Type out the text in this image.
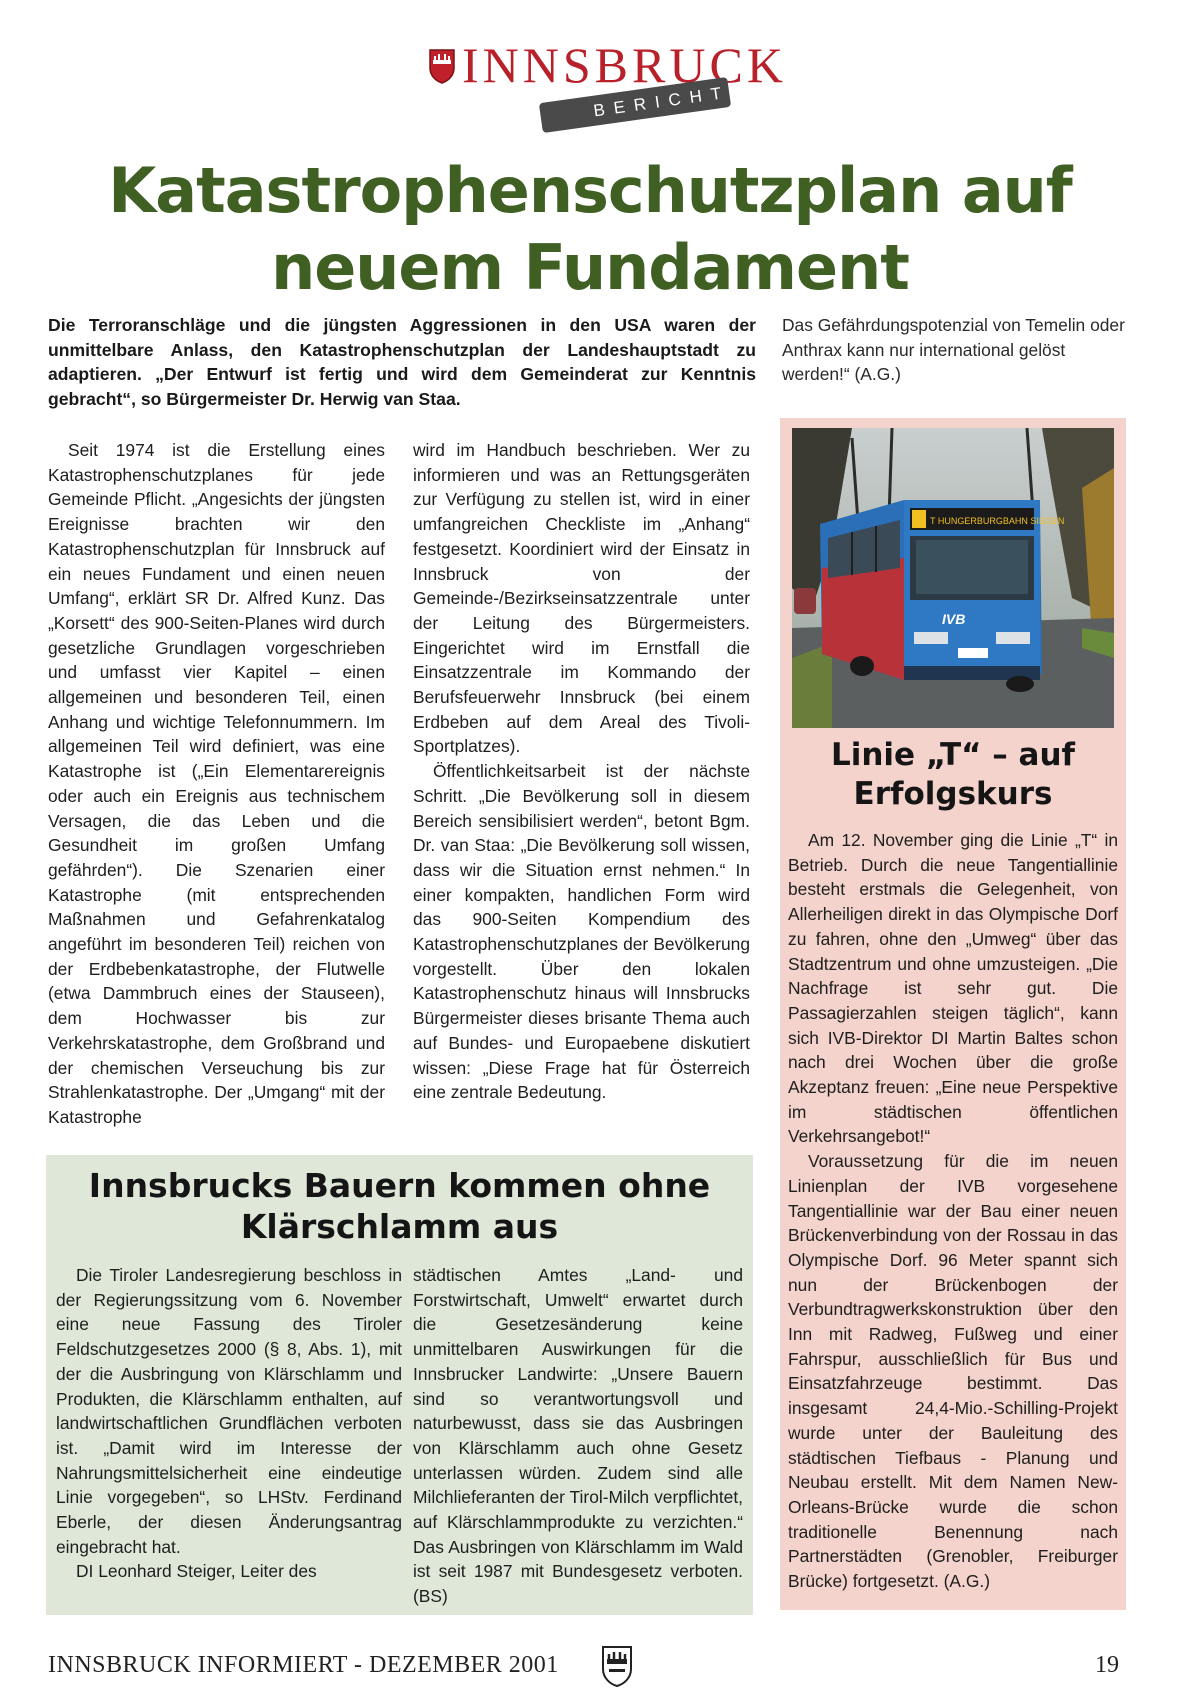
INNSBRUCK
BERICHT
Katastrophenschutzplan auf neuem Fundament
Die Terroranschläge und die jüngsten Aggressionen in den USA waren der unmittelbare Anlass, den Katastrophenschutzplan der Landeshauptstadt zu adaptieren. „Der Entwurf ist fertig und wird dem Gemeinderat zur Kenntnis gebracht“, so Bürgermeister Dr. Herwig van Staa.
Das Gefährdungspotenzial von Temelin oder Anthrax kann nur international gelöst werden!“ (A.G.)

Seit 1974 ist die Erstellung eines Katastrophenschutzplanes für jede Gemeinde Pflicht. „Angesichts der jüngsten Ereignisse brachten wir den Katastrophenschutzplan für Innsbruck auf ein neues Fundament und einen neuen Umfang“, erklärt SR Dr. Alfred Kunz. Das „Korsett“ des 900-Seiten-Planes wird durch gesetzliche Grundlagen vorgeschrieben und umfasst vier Kapitel – einen allgemeinen und besonderen Teil, einen Anhang und wichtige Telefonnummern. Im allgemeinen Teil wird definiert, was eine Katastrophe ist („Ein Elementarereignis oder auch ein Ereignis aus technischem Versagen, die das Leben und die Gesundheit im großen Umfang gefährden“). Die Szenarien einer Katastrophe (mit entsprechenden Maßnahmen und Gefahrenkatalog angeführt im besonderen Teil) reichen von der Erdbebenkatastrophe, der Flutwelle (etwa Dammbruch eines der Stauseen), dem Hochwasser bis zur Verkehrskatastrophe, dem Großbrand und der chemischen Verseuchung bis zur Strahlenkatastrophe. Der „Umgang“ mit der Katastrophe

wird im Handbuch beschrieben. Wer zu informieren und was an Rettungsgeräten zur Verfügung zu stellen ist, wird in einer umfangreichen Checkliste im „Anhang“ festgesetzt. Koordiniert wird der Einsatz in Innsbruck von der Gemeinde-/Bezirkseinsatzzentrale unter der Leitung des Bürgermeisters. Eingerichtet wird im Ernstfall die Einsatzzentrale im Kommando der Berufsfeuerwehr Innsbruck (bei einem Erdbeben auf dem Areal des Tivoli-Sportplatzes).

Öffentlichkeitsarbeit ist der nächste Schritt. „Die Bevölkerung soll in diesem Bereich sensibilisiert werden“, betont Bgm. Dr. van Staa: „Die Bevölkerung soll wissen, dass wir die Situation ernst nehmen.“ In einer kompakten, handlichen Form wird das 900-Seiten Kompendium des Katastrophenschutzplanes der Bevölkerung vorgestellt. Über den lokalen Katastrophenschutz hinaus will Innsbrucks Bürgermeister dieses brisante Thema auch auf Bundes- und Europaebene diskutiert wissen: „Diese Frage hat für Österreich eine zentrale Bedeutung.

Innsbrucks Bauern kommen ohne Klärschlamm aus

Die Tiroler Landesregierung beschloss in der Regierungssitzung vom 6. November eine neue Fassung des Tiroler Feldschutzgesetzes 2000 (§ 8, Abs. 1), mit der die Ausbringung von Klärschlamm und Produkten, die Klärschlamm enthalten, auf landwirtschaftlichen Grundflächen verboten ist. „Damit wird im Interesse der Nahrungsmittelsicherheit eine eindeutige Linie vorgegeben“, so LHStv. Ferdinand Eberle, der diesen Änderungsantrag eingebracht hat.

DI Leonhard Steiger, Leiter des

städtischen Amtes „Land- und Forstwirtschaft, Umwelt“ erwartet durch die Gesetzesänderung keine unmittelbaren Auswirkungen für die Innsbrucker Landwirte: „Unsere Bauern sind so verantwortungsvoll und naturbewusst, dass sie das Ausbringen von Klärschlamm auch ohne Gesetz unterlassen würden. Zudem sind alle Milchlieferanten der Tirol-Milch verpflichtet, auf Klärschlammprodukte zu verzichten.“ Das Ausbringen von Klärschlamm im Wald ist seit 1987 mit Bundesgesetz verboten. (BS)

T HUNGERBURGBAHN SIEGEN
IVB
Linie „T“ – auf Erfolgskurs

Am 12. November ging die Linie „T“ in Betrieb. Durch die neue Tangentiallinie besteht erstmals die Gelegenheit, von Allerheiligen direkt in das Olympische Dorf zu fahren, ohne den „Umweg“ über das Stadtzentrum und ohne umzusteigen. „Die Nachfrage ist sehr gut. Die Passagierzahlen steigen täglich“, kann sich IVB-Direktor DI Martin Baltes schon nach drei Wochen über die große Akzeptanz freuen: „Eine neue Perspektive im städtischen öffentlichen Verkehrsangebot!“

Voraussetzung für die im neuen Linienplan der IVB vorgesehene Tangentiallinie war der Bau einer neuen Brückenverbindung von der Rossau in das Olympische Dorf. 96 Meter spannt sich nun der Brückenbogen der Verbundtragwerkskonstruktion über den Inn mit Radweg, Fußweg und einer Fahrspur, ausschließlich für Bus und Einsatzfahrzeuge bestimmt. Das insgesamt 24,4-Mio.-Schilling-Projekt wurde unter der Bauleitung des städtischen Tiefbaus - Planung und Neubau erstellt. Mit dem Namen New-Orleans-Brücke wurde die schon traditionelle Benennung nach Partnerstädten (Grenobler, Freiburger Brücke) fortgesetzt. (A.G.)

INNSBRUCK INFORMIERT - DEZEMBER 2001	19
